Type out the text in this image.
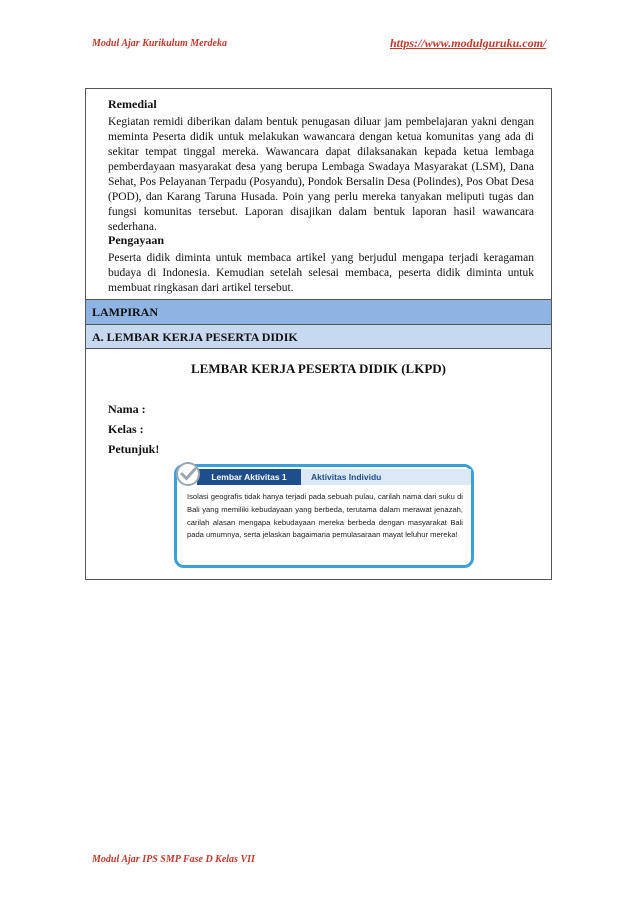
Modul Ajar Kurikulum Merdeka	https://www.modulguruku.com/

Remedial

Kegiatan remidi diberikan dalam bentuk penugasan diluar jam pembelajaran yakni dengan meminta Peserta didik untuk melakukan wawancara dengan ketua komunitas yang ada di sekitar tempat tinggal mereka. Wawancara dapat dilaksanakan kepada ketua lembaga pemberdayaan masyarakat desa yang berupa Lembaga Swadaya Masyarakat (LSM), Dana Sehat, Pos Pelayanan Terpadu (Posyandu), Pondok Bersalin Desa (Polindes), Pos Obat Desa (POD), dan Karang Taruna Husada. Poin yang perlu mereka tanyakan meliputi tugas dan fungsi komunitas tersebut. Laporan disajikan dalam bentuk laporan hasil wawancara sederhana.

Pengayaan

Peserta didik diminta untuk membaca artikel yang berjudul mengapa terjadi keragaman budaya di Indonesia. Kemudian setelah selesai membaca, peserta didik diminta untuk membuat ringkasan dari artikel tersebut.

LAMPIRAN
A. LEMBAR KERJA PESERTA DIDIK
LEMBAR KERJA PESERTA DIDIK (LKPD)
Nama :
Kelas :
Petunjuk!
Lembar Aktivitas 1	Aktivitas Individu
Isolasi geografis tidak hanya terjadi pada sebuah pulau, carilah nama dari suku di Bali yang memiliki kebudayaan yang berbeda, terutama dalam merawat jenazah, carilah alasan mengapa kebudayaan mereka berbeda dengan masyarakat Bali pada umumnya, serta jelaskan bagaimana pemulasaraan mayat leluhur mereka!
Modul Ajar IPS SMP Fase D Kelas VII
